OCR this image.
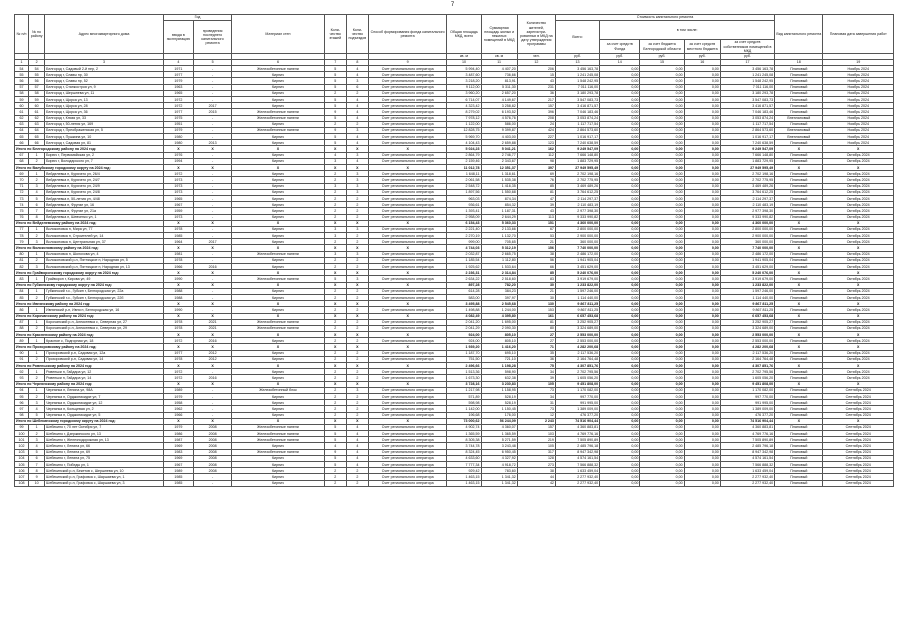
7
№ п/п	№ по району	Адрес многоквартирного дома	Год		Материал стен	Коли-чество этажей	Коли-чество подъездов	Способ формирования фонда капитального ремонта	Общая площадь МКД, всего	Суммарная площадь жилых и нежилых помещений в МКД	Количество жителей, зарегистри-рованных в МКД на дату утверждения программы	Стоимость капитального ремонта					Вид капитального ремонта	Плановая дата завершения работ
			ввода в эксплуатацию	проведения последнего капитального ремонта								Всего:	в том числе:					
													за счет средств Фонда	за счет бюджета Белгородской области	за счет средств местного бюджета	за счет средств собственников помещений в МКД		
									кв. м	кв. м	чел.	руб.	руб.	руб.	руб.	руб.		
1	2	3	4	5	6	7	8	9	10	11	12	13	14	15	16	17	18	19
54	54	Белгород г, Садовый 2-й пер, 2	1971	-	Железобетонные панели	5	4	Счет регионального оператора	5 994,40	4 407,20	206	3 456 163,78	0,00	0,00	0,00	3 456 163,78	Плановый	Ноябрь 2024
55	55	Белгород г, Славы пр, 30	1977	-	Кирпич	5	4	Счет регионального оператора	3 487,60	736,66	15	1 241 245,08	0,00	0,00	0,00	1 241 245,08	Плановый	Ноябрь 2024
56	56	Белгород г, Славы пр, 52	1979	-	Кирпич	5	3	Счет регионального оператора	3 218,20	813,91	43	1 548 242,95	0,00	0,00	0,00	1 548 242,95	Плановый	Ноябрь 2024
57	57	Белгород г, Станкостроя ул, 9	1963	-	Кирпич	5	6	Счет регионального оператора	9 112,00	5 311,30	231	7 011 116,00	0,00	0,00	0,00	7 011 116,00	Плановый	Ноябрь 2024
58	58	Белгород г, Шершнева ул, 11	1965	-	Кирпич	2	2	Счет регионального оператора	3 960,20	2 657,20	36	3 180 293,78	0,00	0,00	0,00	3 180 293,78	Плановый	Ноябрь 2024
59	59	Белгород г, Щорса ул, 13	1972	-	Кирпич	5	4	Счет регионального оператора	6 714,07	4 149,67	217	3 547 083,73	0,00	0,00	0,00	3 547 083,73	Плановый	Ноябрь 2024
60	60	Белгород г, Щорса ул, 28	1972	2017	Кирпич	5	4	Счет регионального оператора	4 323,42	3 258,82	157	3 416 871,57	0,00	0,00	0,00	3 416 871,57	Плановый	Ноябрь 2024
61	61	Белгород г, Щорса ул, 36	1977	2015	Железобетонные панели	9	4	Счет регионального оператора	8 279,02	6 193,52	396	7 046 183,46	0,00	0,00	0,00	7 046 183,46	Плановый	Ноябрь 2024
62	62	Белгород г, Князя ул, 33	1975	-	Железобетонные панели	5	4	Счет регионального оператора	7 978,12	4 576,76	208	3 053 874,24	0,00	0,00	0,00	3 053 874,24	Внеплановый	Ноябрь 2024
63	63	Белгород г, 50-летия ул, 169	1951	-	Кирпич	2	2	Счет регионального оператора	1 122,00	586,00	24	1 117 717,54	0,00	0,00	0,00	1 117 717,54	Плановый	Ноябрь 2024
64	64	Белгород г, Преображенская ул, 5	1979	-	Железобетонные панели	9	3	Счет регионального оператора	12 828,75	9 399,87	424	2 864 573,60	0,00	0,00	0,00	2 864 573,60	Внеплановый	Ноябрь 2024
65	65	Белгород г, Пушкина ул, 10	1980	-	Кирпич	5	4	Счет регионального оператора	5 969,70	4 403,00	227	1 016 917,17	0,00	0,00	0,00	1 016 917,17	Внеплановый	Ноябрь 2024
66	66	Белгород г, Садовая ул, 81	1980	2013	Кирпич	5	4	Счет регионального оператора	4 104,43	2 659,88	123	7 240 638,59	0,00	0,00	0,00	7 240 638,59	Плановый	Ноябрь 2024
Итого по Белгородскому району на 2024 год:			X	X	X	X	X	X	5 024,23	5 041,21	162	9 249 547,09	0,00	0,00	0,00	9 249 547,09	X	X
67	1	Бирюч г, Первомайская ул, 2	1976	-	Кирпич	4	3	Счет регионального оператора	2 864,79	2 746,77	112	7 666 148,80	0,00	0,00	0,00	7 666 148,80	Плановый	Октябрь 2024
68	2	Бирюч г, Володарского ул, 7	1994	-	Кирпич	3	4	Счет регионального оператора	2 159,46	2 343,67	98	1 883 729,95	0,00	0,00	0,00	1 883 729,95	Плановый	Октябрь 2024
Итого по Валуйскому городскому округу на 2024 год:			X	X	X	X	X	X	11 012,78	12 351,37	397	27 949 595,49	0,00	0,00	0,00	27 949 595,49	X	X
69	1	Вейделевка п, Курячего ул, 26/4	1972	-	Кирпич	2	3	Счет регионального оператора	1 648,11	1 318,61	69	2 702 198,16	0,00	0,00	0,00	2 702 198,16	Плановый	Октябрь 2024
70	2	Вейделевка п, Курячего ул, 24/7	1973	-	Кирпич	2	3	Счет регионального оператора	2 061,58	1 535,38	76	2 702 775,95	0,00	0,00	0,00	2 702 775,95	Плановый	Октябрь 2024
71	3	Вейделевка п, Курячего ул, 24/9	1973	-	Кирпич	3	3	Счет регионального оператора	2 548,72	1 416,35	85	3 469 489,26	0,00	0,00	0,00	3 469 489,26	Плановый	Октябрь 2024
72	4	Вейделевка п, Курячего ул, 24/8	1973	-	Кирпич	2	3	Счет регионального оператора	1 897,56	1 550,68	81	3 764 612,25	0,00	0,00	0,00	3 764 612,25	Плановый	Октябрь 2024
73	5	Вейделевка п, 50-летия ул, 4/48	1965	-	Кирпич	2	2	Счет регионального оператора	963,03	874,34	47	2 114 297,37	0,00	0,00	0,00	2 114 297,37	Плановый	Октябрь 2024
74	6	Вейделевка п, Фрунзе ул, 16	1967	-	Кирпич	2	2	Счет регионального оператора	936,61	854,32	39	2 110 483,19	0,00	0,00	0,00	2 110 483,19	Плановый	Октябрь 2024
75	7	Вейделевка п, Фрунзе ул, 21а	1959	-	Кирпич	2	2	Счет регионального оператора	1 393,41	1 187,31	43	2 977 398,30	0,00	0,00	0,00	2 977 398,30	Плановый	Октябрь 2024
76	8	Вейделевка п, Шевченко ул, 1	1973	-	Кирпич	2	2	Счет регионального оператора	2 958,09	2 644,29	113	9 333 990,82	0,00	0,00	0,00	9 333 990,82	Плановый	Октябрь 2024
Итого по Вейделевскому району на 2024 год:			X	X	X	X	X	X	6 154,43	5 360,33	151	4 360 000,00	0,00	0,00	0,00	4 360 000,00	X	X
77	1	Волоконовка п, Мира ул, 77	1978	-	Кирпич	3	3	Счет регионального оператора	2 221,40	2 133,66	67	2 800 000,00	0,00	0,00	0,00	2 800 000,00	Плановый	Октябрь 2024
78	2	Волоконовка п, Строителей ул, 14	1985	-	Кирпич	3	2	Счет регионального оператора	2 270,19	1 132,70	53	2 900 000,00	0,00	0,00	0,00	2 900 000,00	Плановый	Октябрь 2024
79	3	Волоконовка п, Центральная ул, 37	1964	2017	Кирпич	2	2	Счет регионального оператора	999,00	705,65	21	360 000,00	0,00	0,00	0,00	360 000,00	Плановый	Октябрь 2024
Итого по Волоконовскому району на 2024 год:			X	X	X	X	X	X	4 744,03	5 312,19	156	7 740 000,00	0,00	0,00	0,00	7 740 000,00	X	X
80	1	Волоконовка п, Шолохова ул, 4	1981	-	Железобетонные панели	3	3	Счет регионального оператора	2 032,87	2 665,75	38	2 486 172,00	0,00	0,00	0,00	2 486 172,00	Плановый	Октябрь 2024
81	2	Волоконовский р-н, Пятницкое п, Народная ул, 5	1978	-	Кирпич	2	2	Счет регионального оператора	1 185,54	1 112,80	56	1 941 905,04	0,00	0,00	0,00	1 941 905,04	Плановый	Октябрь 2024
82	3	Волоконовский р-н, Пятницкое п, Народная ул, 13	1966	2016	Кирпич	2	2	Счет регионального оператора	1 925,62	1 533,64	66	3 451 629,00	0,00	0,00	0,00	3 451 629,00	Плановый	Октябрь 2024
Итого по Грайворонскому городскому округу на 2024 год:			X	X	X	X	X	X	2 236,31	2 314,84	85	5 240 076,00	0,00	0,00	0,00	5 240 076,00	X	X
83	1	Грайворон г, Кирова ул, 49	1990	-	Железобетонные панели	5	3	Счет регионального оператора	2 634,22	2 518,60	83	3 919 679,00	0,00	0,00	0,00	3 919 679,00	Плановый	Октябрь 2024
Итого по Губкинскому городскому округу на 2024 год:			X	X	X	X	X	X	897,28	782,20	30	1 233 822,00	0,00	0,00	0,00	1 233 822,00	X	X
84	1	Губкинский г.о., Губкин г, Белгородская ул, 22а	1988	-	Кирпич	2	2	Счет регионального оператора	614,28	384,23	21	1 597 246,00	0,00	0,00	0,00	1 597 246,00	Плановый	Октябрь 2024
85	2	Губкинский г.о., Губкин г, Белгородская ул, 22б	1988	-	Кирпич	2	2	Счет регионального оператора	583,00	397,97	30	1 114 440,00	0,00	0,00	0,00	1 114 440,00	Плановый	Октябрь 2024
Итого по Ивнянскому району на 2024 год:			X	X	X	X	X	X	3 495,88	2 545,68	130	9 867 811,25	0,00	0,00	0,00	9 867 811,25	X	X
86	1	Ивнянский р-н, Ивня п, Белгородская ул, 16	1990	-	Кирпич	2	2	Счет регионального оператора	1 498,88	1 244,00	153	9 867 811,25	0,00	0,00	0,00	9 867 811,25	Плановый	Октябрь 2024
Итого по Корочанскому району на 2024 год:			X	X	X	X	X	X	4 082,49	4 395,80	161	6 657 453,68	0,00	0,00	0,00	6 657 453,68	X	X
87	1	Корочанский р-н, Алексеевка с, Северная ул, 27	1978	2021	Железобетонные панели	2	2	Счет регионального оператора	2 041,20	1 695,00	81	3 252 905,27	0,00	0,00	0,00	3 252 905,27	Плановый	Октябрь 2024
88	2	Корочанский р-н, Алексеевка с, Северная ул, 29	1978	2021	Железобетонные панели	2	2	Счет регионального оператора	2 041,29	2 090,30	80	3 324 689,00	0,00	0,00	0,00	3 324 689,00	Плановый	Октябрь 2024
Итого по Красненскому району на 2024 год:			X	X	X	X	X	X	924,00	805,10	27	2 553 000,00	0,00	0,00	0,00	2 553 000,00	X	X
89	1	Красное с, Подгорная ул, 18	1972	2016	Кирпич	2	2	Счет регионального оператора	924,00	805,10	27	2 553 000,00	0,00	0,00	0,00	2 553 000,00	Плановый	Октябрь 2024
Итого по Прохоровскому району на 2024 год:			X	X	X	X	X	X	1 939,20	1 416,20	71	4 282 200,68	0,00	0,00	0,00	4 282 200,68	X	X
90	1	Прохоровский р-н, Садовая ул, 12а	1977	2012	Кирпич	2	2	Счет регионального оператора	1 187,70	695,10	35	2 117 536,20	0,00	0,00	0,00	2 117 536,20	Плановый	Октябрь 2024
91	2	Прохоровский р-н, Садовая ул, 14	1978	2012	Кирпич	2	2	Счет регионального оператора	751,50	721,10	36	2 164 764,48	0,00	0,00	0,00	2 164 764,48	Плановый	Октябрь 2024
Итого по Ровеньскому району на 2024 год:			X	X	X	X	X	X	2 496,66	1 198,28	75	4 307 851,76	0,00	0,00	0,00	4 307 851,76	X	X
92	1	Ровеньки п, Гайдара ул, 12	1972	-	Кирпич	2	2	Счет регионального оператора	1 513,36	598,90	34	2 702 795,56	0,00	0,00	0,00	2 702 795,56	Плановый	Октябрь 2024
93	2	Ровеньки п, Гайдара ул, 14	1972	2016	Кирпич	2	2	Счет регионального оператора	1 673,30	632,38	39	1 605 056,20	0,00	0,00	0,00	1 605 056,20	Плановый	Октябрь 2024
Итого по Чернянскому району на 2024 год:			X	X	X	X	X	X	3 728,16	3 230,83	105	9 451 808,00	0,00	0,00	0,00	9 451 808,00	X	X
94	1	Чернянка п, Ленина ул, 98А	1989	-	Железобетонный блок	2	3	Счет регионального оператора	1 217,98	1 158,95	73	1 170 082,00	0,00	0,00	0,00	1 170 082,00	Плановый	Сентябрь 2024
95	2	Чернянка п, Орджоникидзе ул, 7	1979	-	Кирпич	2	2	Счет регионального оператора	571,89	528,19	34	997 770,00	0,00	0,00	0,00	997 770,00	Плановый	Сентябрь 2024
96	3	Чернянка п, Орджоникидзе ул, 12	1958	-	Кирпич	2	2	Счет регионального оператора	598,98	528,19	31	991 995,00	0,00	0,00	0,00	991 995,00	Плановый	Сентябрь 2024
97	4	Чернянка п, Кольцевая ул, 2	1962	-	Кирпич	2	2	Счет регионального оператора	1 142,00	1 150,45	73	1 389 009,00	0,00	0,00	0,00	1 389 009,00	Плановый	Сентябрь 2024
98	5	Чернянка п, Орджоникидзе ул, 5	1966	-	Кирпич	2	2	Счет регионального оператора	196,68	176,00	12	476 377,20	0,00	0,00	0,00	476 377,20	Плановый	Сентябрь 2024
Итого по Шебекинскому городскому округу на 2024 год:			X	X	X	X	X	X	73 000,62	56 244,09	2 243	74 516 904,44	0,00	0,00	0,00	74 516 904,44	X	X
99	1	Шебекино г, 70 лет Октября ул, 7	1979	2008	Железобетонные панели	5	4	Счет регионального оператора	4 902,74	4 360,07	157	4 360 883,81	0,00	0,00	0,00	4 360 883,81	Плановый	Сентябрь 2024
100	2	Шебекино г, Дзержинского ул, 13	1986	2008	Железобетонные панели	5	4	Счет регионального оператора	1 365,59	1 365,59	103	4 769 776,16	0,00	0,00	0,00	4 769 776,16	Плановый	Сентябрь 2024
101	3	Шебекино г, Железнодорожная ул, 13	1987	2008	Железобетонные панели	5	4	Счет регионального оператора	8 305,38	5 271,59	219	7 505 890,89	0,00	0,00	0,00	7 505 890,89	Плановый	Сентябрь 2024
102	4	Шебекино г, Ленина ул, 66	1969	2008	Кирпич	4	4	Счет регионального оператора	3 744,78	3 243,48	105	2 485 796,18	0,00	0,00	0,00	2 485 796,18	Плановый	Сентябрь 2024
103	5	Шебекино г, Ленина ул, 69	1983	2008	Железобетонные панели	9	4	Счет регионального оператора	8 324,45	6 950,45	317	8 947 342,98	0,00	0,00	0,00	8 947 342,98	Плановый	Сентябрь 2024
104	6	Шебекино г, Ленина ул, 75	1969	2008	Кирпич	5	4	Счет регионального оператора	4 633,60	4 327,92	128	4 574 161,54	0,00	0,00	0,00	4 574 161,54	Плановый	Сентябрь 2024
105	7	Шебекино г, Победы ул, 1	1967	2008	Кирпич	5	4	Счет регионального оператора	7 777,34	4 918,72	273	7 566 888,32	0,00	0,00	0,00	7 566 888,32	Плановый	Сентябрь 2024
106	8	Шебекинский р-н, Бекетов с, Шершнева ул, 10	1989	2008	Кирпич	2	2	Счет регионального оператора	929,42	783,60	38	1 633 459,04	0,00	0,00	0,00	1 633 459,04	Плановый	Сентябрь 2024
107	9	Шебекинский р-н, Графовка с, Шаршаева ул, 1	1985	-	Кирпич	2	2	Счет регионального оператора	1 463,15	1 341,32	44	2 277 932,40	0,00	0,00	0,00	2 277 932,40	Плановый	Сентябрь 2024
108	10	Шебекинский р-н, Графовка с, Шаршаева ул, 3	1985	-	Кирпич	2	2	Счет регионального оператора	1 463,15	1 341,32	42	2 277 932,40	0,00	0,00	0,00	2 277 932,40	Плановый	Сентябрь 2024
